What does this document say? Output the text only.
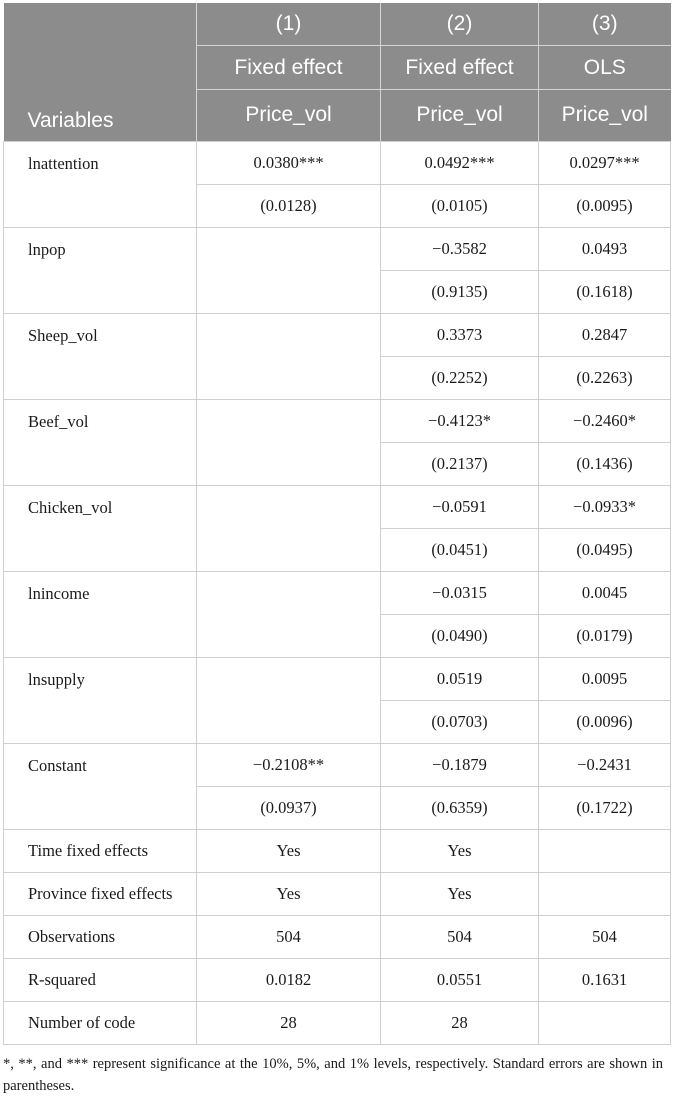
	(1)	(2)	(3)
	Fixed effect	Fixed effect	OLS
Variables	Price_vol	Price_vol	Price_vol
lnattention	0.0380***	0.0492***	0.0297***
	(0.0128)	(0.0105)	(0.0095)
lnpop		−0.3582	0.0493
		(0.9135)	(0.1618)
Sheep_vol		0.3373	0.2847
		(0.2252)	(0.2263)
Beef_vol		−0.4123*	−0.2460*
		(0.2137)	(0.1436)
Chicken_vol		−0.0591	−0.0933*
		(0.0451)	(0.0495)
lnincome		−0.0315	0.0045
		(0.0490)	(0.0179)
lnsupply		0.0519	0.0095
		(0.0703)	(0.0096)
Constant	−0.2108**	−0.1879	−0.2431
	(0.0937)	(0.6359)	(0.1722)
Time fixed effects	Yes	Yes	
Province fixed effects	Yes	Yes	
Observations	504	504	504
R-squared	0.0182	0.0551	0.1631
Number of code	28	28	
*, **, and *** represent significance at the 10%, 5%, and 1% levels, respectively. Standard errors are shown in parentheses.
